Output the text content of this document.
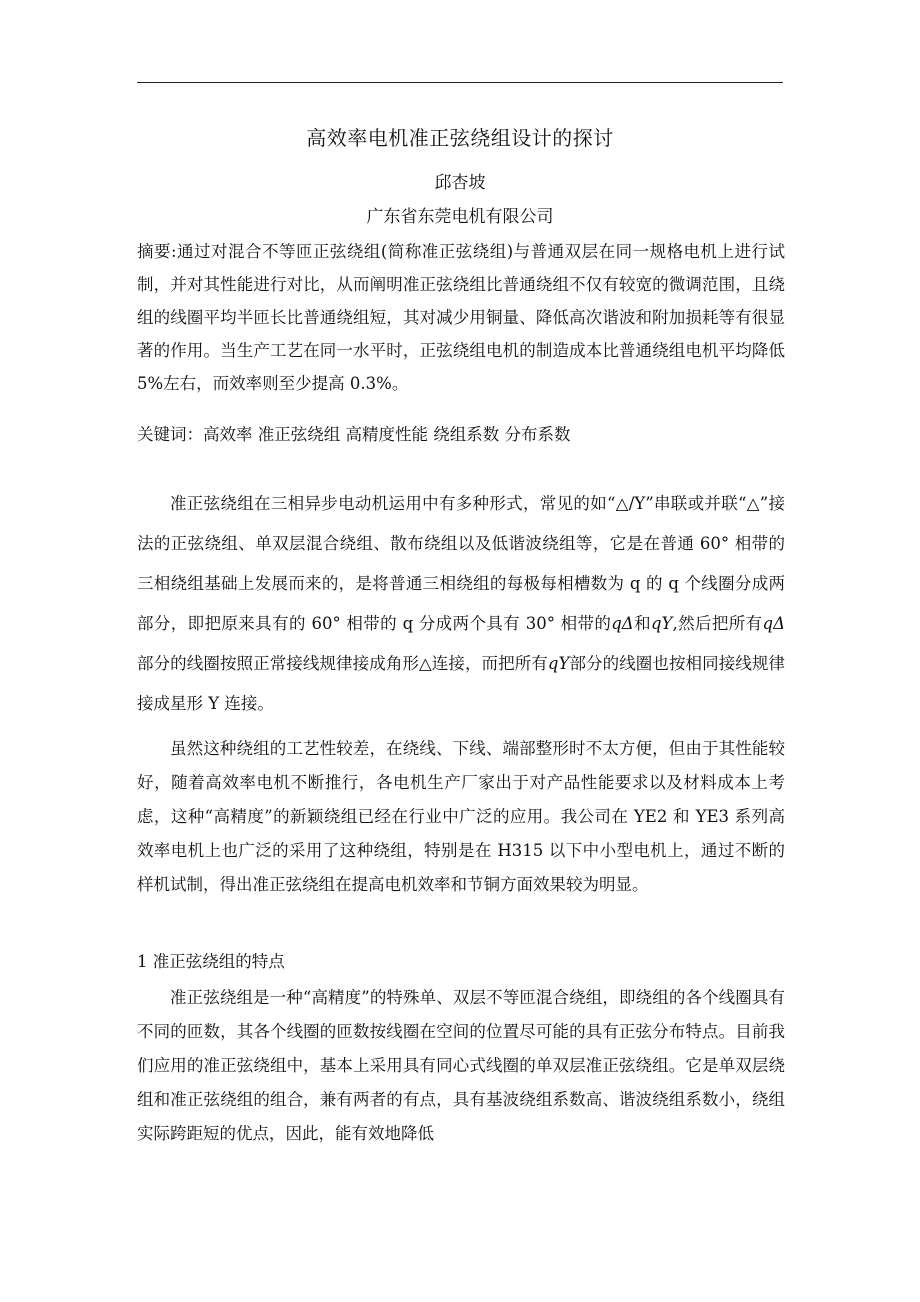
高效率电机准正弦绕组设计的探讨
邱杏坡
广东省东莞电机有限公司
摘要:通过对混合不等匝正弦绕组(简称准正弦绕组)与普通双层在同一规格电机上进行试制，并对其性能进行对比，从而阐明准正弦绕组比普通绕组不仅有较宽的微调范围，且绕组的线圈平均半匝长比普通绕组短，其对减少用铜量、降低高次谐波和附加损耗等有很显著的作用。当生产工艺在同一水平时，正弦绕组电机的制造成本比普通绕组电机平均降低 5%左右，而效率则至少提高 0.3%。
关键词：高效率 准正弦绕组 高精度性能 绕组系数 分布系数
准正弦绕组在三相异步电动机运用中有多种形式，常见的如“△/Y”串联或并联“△”接法的正弦绕组、单双层混合绕组、散布绕组以及低谐波绕组等，它是在普通 60° 相带的三相绕组基础上发展而来的，是将普通三相绕组的每极每相槽数为 q 的 q 个线圈分成两部分，即把原来具有的 60° 相带的 q 分成两个具有 30° 相带的qΔ和qY,然后把所有qΔ部分的线圈按照正常接线规律接成角形△连接，而把所有qY部分的线圈也按相同接线规律接成星形 Y 连接。
虽然这种绕组的工艺性较差，在绕线、下线、端部整形时不太方便，但由于其性能较好，随着高效率电机不断推行，各电机生产厂家出于对产品性能要求以及材料成本上考虑，这种“高精度”的新颖绕组已经在行业中广泛的应用。我公司在 YE2 和 YE3 系列高效率电机上也广泛的采用了这种绕组，特别是在 H315 以下中小型电机上，通过不断的样机试制，得出准正弦绕组在提高电机效率和节铜方面效果较为明显。
1 准正弦绕组的特点
准正弦绕组是一种“高精度”的特殊单、双层不等匝混合绕组，即绕组的各个线圈具有不同的匝数，其各个线圈的匝数按线圈在空间的位置尽可能的具有正弦分布特点。目前我们应用的准正弦绕组中，基本上采用具有同心式线圈的单双层准正弦绕组。它是单双层绕组和准正弦绕组的组合，兼有两者的有点，具有基波绕组系数高、谐波绕组系数小，绕组实际跨距短的优点，因此，能有效地降低
